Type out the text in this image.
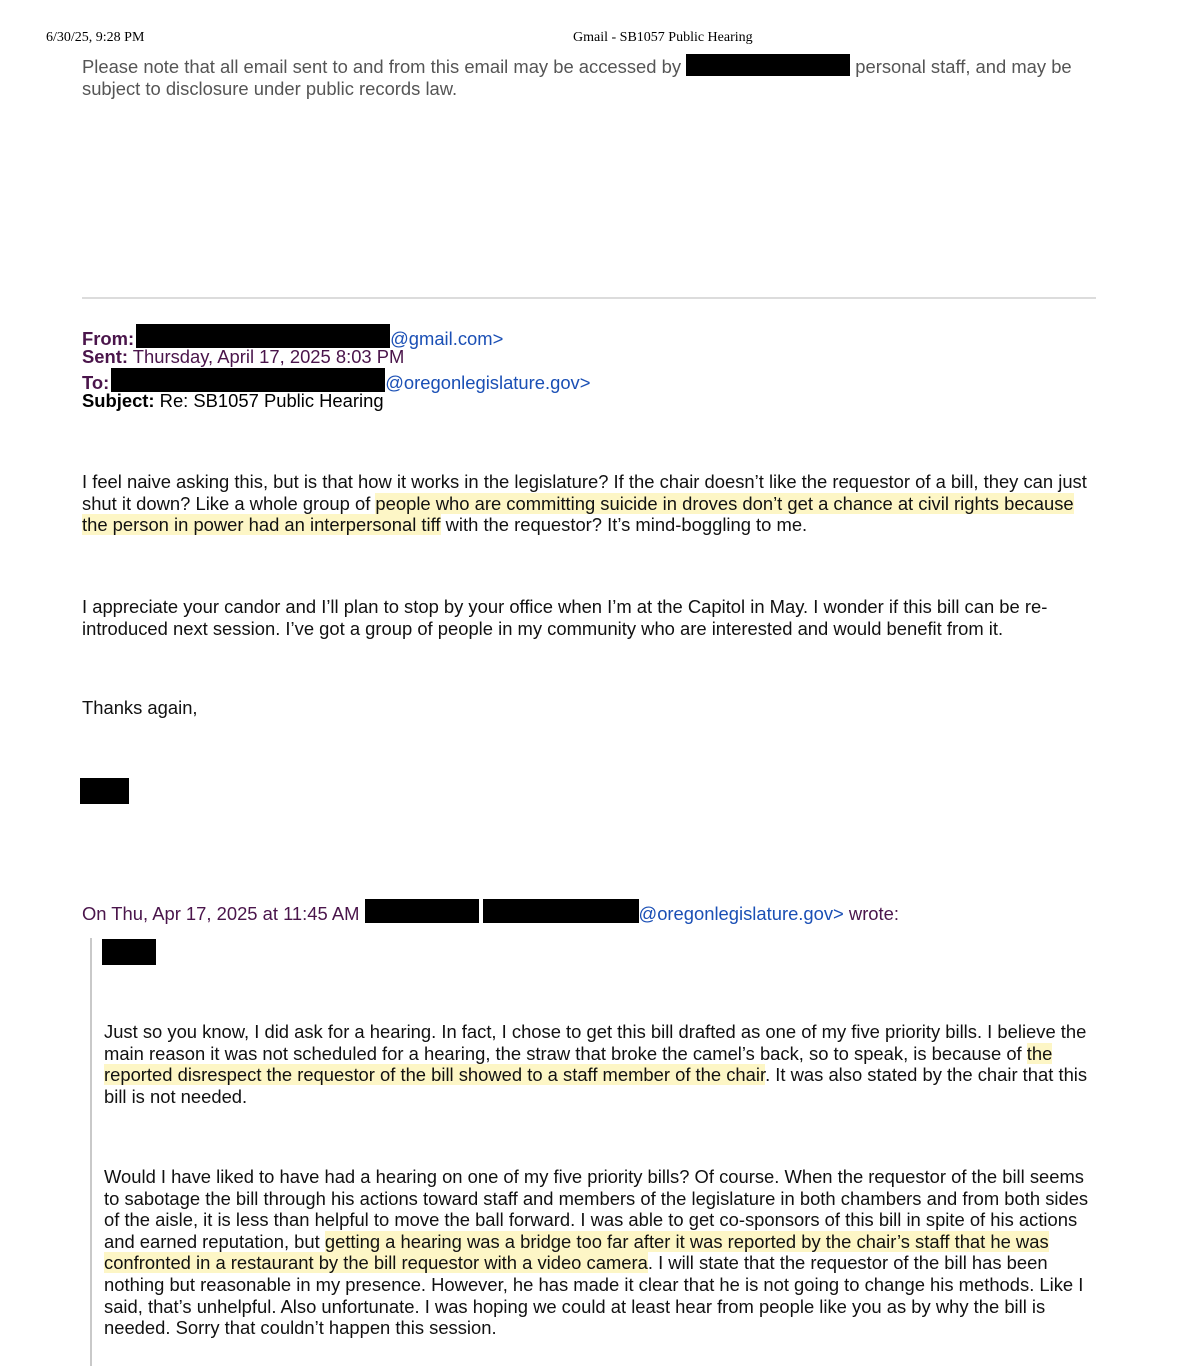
6/30/25, 9:28 PM	Gmail - SB1057 Public Hearing
Please note that all email sent to and from this email may be accessed by	personal staff, and may be subject to disclosure under public records law.
From:	@gmail.com>
Sent: Thursday, April 17, 2025 8:03 PM
To:	@oregonlegislature.gov>
Subject: Re: SB1057 Public Hearing
I feel naive asking this, but is that how it works in the legislature? If the chair doesn’t like the requestor of a bill, they can just shut it down? Like a whole group of people who are committing suicide in droves don’t get a chance at civil rights because the person in power had an interpersonal tiff with the requestor? It’s mind-boggling to me.
I appreciate your candor and I’ll plan to stop by your office when I’m at the Capitol in May. I wonder if this bill can be re-introduced next session. I’ve got a group of people in my community who are interested and would benefit from it.
Thanks again,
On Thu, Apr 17, 2025 at 11:45 AM	@oregonlegislature.gov> wrote:
Just so you know, I did ask for a hearing. In fact, I chose to get this bill drafted as one of my five priority bills. I believe the main reason it was not scheduled for a hearing, the straw that broke the camel’s back, so to speak, is because of the reported disrespect the requestor of the bill showed to a staff member of the chair. It was also stated by the chair that this bill is not needed.
Would I have liked to have had a hearing on one of my five priority bills? Of course. When the requestor of the bill seems to sabotage the bill through his actions toward staff and members of the legislature in both chambers and from both sides of the aisle, it is less than helpful to move the ball forward. I was able to get co-sponsors of this bill in spite of his actions and earned reputation, but getting a hearing was a bridge too far after it was reported by the chair’s staff that he was confronted in a restaurant by the bill requestor with a video camera. I will state that the requestor of the bill has been nothing but reasonable in my presence. However, he has made it clear that he is not going to change his methods. Like I said, that’s unhelpful. Also unfortunate. I was hoping we could at least hear from people like you as by why the bill is needed. Sorry that couldn’t happen this session.
